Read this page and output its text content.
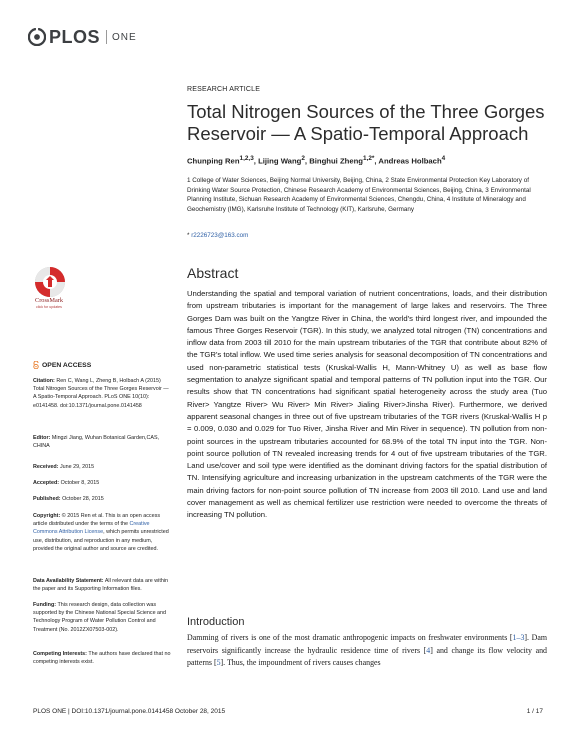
PLOS ONE
RESEARCH ARTICLE
Total Nitrogen Sources of the Three Gorges
Reservoir — A Spatio-Temporal Approach
Chunping Ren$^{1,2,3}$, Lijing Wang$^2$, Binghui Zheng$^{1,2*}$, Andreas Holbach$^4$
1 College of Water Sciences, Beijing Normal University, Beijing, China, 2 State Environmental Protection Key Laboratory of Drinking Water Source Protection, Chinese Research Academy of Environmental Sciences, Beijing, China, 3 Environmental Planning Institute, Sichuan Research Academy of Environmental Sciences, Chengdu, China, 4 Institute of Mineralogy and Geochemistry (IMG), Karlsruhe Institute of Technology (KIT), Karlsruhe, Germany
* r2226723@163.com
CrossMark
click for updates
OPEN ACCESS
Citation: Ren C, Wang L, Zheng B, Holbach A (2015) Total Nitrogen Sources of the Three Gorges Reservoir — A Spatio-Temporal Approach. PLoS ONE 10(10): e0141458. doi:10.1371/journal.pone.0141458
Editor: Mingzi Jiang, Wuhan Botanical Garden,CAS, CHINA
Received: June 29, 2015
Accepted: October 8, 2015
Published: October 28, 2015
Copyright: © 2015 Ren et al. This is an open access article distributed under the terms of the Creative Commons Attribution License, which permits unrestricted use, distribution, and reproduction in any medium, provided the original author and source are credited.
Data Availability Statement: All relevant data are within the paper and its Supporting Information files.
Funding: This research design, data collection was supported by the Chinese National Special Science and Technology Program of Water Pollution Control and Treatment (No. 2012ZX07503-002).
Competing Interests: The authors have declared that no competing interests exist.
Abstract
Understanding the spatial and temporal variation of nutrient concentrations, loads, and their distribution from upstream tributaries is important for the management of large lakes and reservoirs. The Three Gorges Dam was built on the Yangtze River in China, the world's third longest river, and impounded the famous Three Gorges Reservoir (TGR). In this study, we analyzed total nitrogen (TN) concentrations and inflow data from 2003 till 2010 for the main upstream tributaries of the TGR that contribute about 82% of the TGR's total inflow. We used time series analysis for seasonal decomposition of TN concentrations and used non-parametric statistical tests (Kruskal-Wallis H, Mann-Whitney U) as well as base flow segmentation to analyze significant spatial and temporal patterns of TN pollution input into the TGR. Our results show that TN concentrations had significant spatial heterogeneity across the study area (Tuo River> Yangtze River> Wu River> Min River> Jialing River>Jinsha River). Furthermore, we derived apparent seasonal changes in three out of five upstream tributaries of the TGR rivers (Kruskal-Wallis H p = 0.009, 0.030 and 0.029 for Tuo River, Jinsha River and Min River in sequence). TN pollution from non-point sources in the upstream tributaries accounted for 68.9% of the total TN input into the TGR. Non-point source pollution of TN revealed increasing trends for 4 out of five upstream tributaries of the TGR. Land use/cover and soil type were identified as the dominant driving factors for the spatial distribution of TN. Intensifying agriculture and increasing urbanization in the upstream catchments of the TGR were the main driving factors for non-point source pollution of TN increase from 2003 till 2010. Land use and land cover management as well as chemical fertilizer use restriction were needed to overcome the threats of increasing TN pollution.
Introduction
Damming of rivers is one of the most dramatic anthropogenic impacts on freshwater environments [1–3]. Dam reservoirs significantly increase the hydraulic residence time of rivers [4] and change its flow velocity and patterns [5]. Thus, the impoundment of rivers causes changes
PLOS ONE | DOI:10.1371/journal.pone.0141458 October 28, 2015	1 / 17
